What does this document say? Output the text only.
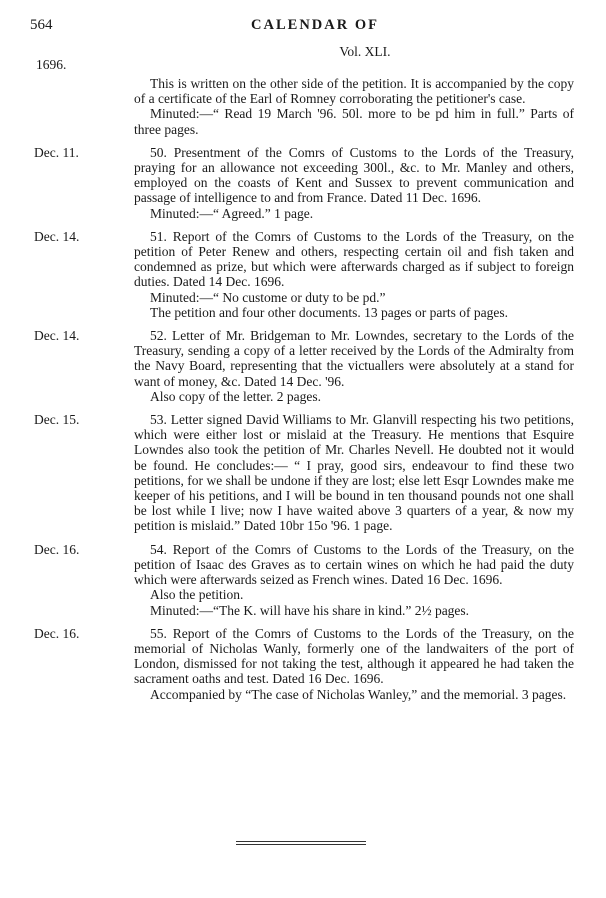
564	CALENDAR OF
Vol. XLI.
1696.

This is written on the other side of the petition. It is accompanied by the copy of a certificate of the Earl of Romney corroborating the petitioner's case.

Minuted:—“ Read 19 March '96. 50l. more to be pd him in full.” Parts of three pages.

Dec. 11.	50. Presentment of the Comrs of Customs to the Lords of the Treasury, praying for an allowance not exceeding 300l., &c. to Mr. Manley and others, employed on the coasts of Kent and Sussex to prevent communication and passage of intelligence to and from France. Dated 11 Dec. 1696.

Minuted:—“ Agreed.” 1 page.

Dec. 14.	51. Report of the Comrs of Customs to the Lords of the Treasury, on the petition of Peter Renew and others, respecting certain oil and fish taken and condemned as prize, but which were afterwards charged as if subject to foreign duties. Dated 14 Dec. 1696.

Minuted:—“ No custome or duty to be pd.”

The petition and four other documents. 13 pages or parts of pages.

Dec. 14.	52. Letter of Mr. Bridgeman to Mr. Lowndes, secretary to the Lords of the Treasury, sending a copy of a letter received by the Lords of the Admiralty from the Navy Board, representing that the victuallers were absolutely at a stand for want of money, &c. Dated 14 Dec. '96.

Also copy of the letter. 2 pages.

Dec. 15.	53. Letter signed David Williams to Mr. Glanvill respecting his two petitions, which were either lost or mislaid at the Treasury. He mentions that Esquire Lowndes also took the petition of Mr. Charles Nevell. He doubted not it would be found. He concludes:— “ I pray, good sirs, endeavour to find these two petitions, for we shall be undone if they are lost; else lett Esqr Lowndes make me keeper of his petitions, and I will be bound in ten thousand pounds not one shall be lost while I live; now I have waited above 3 quarters of a year, & now my petition is mislaid.” Dated 10br 15o '96. 1 page.

Dec. 16.	54. Report of the Comrs of Customs to the Lords of the Treasury, on the petition of Isaac des Graves as to certain wines on which he had paid the duty which were afterwards seized as French wines. Dated 16 Dec. 1696.

Also the petition.

Minuted:—“The K. will have his share in kind.” 2½ pages.

Dec. 16.	55. Report of the Comrs of Customs to the Lords of the Treasury, on the memorial of Nicholas Wanly, formerly one of the landwaiters of the port of London, dismissed for not taking the test, although it appeared he had taken the sacrament oaths and test. Dated 16 Dec. 1696.

Accompanied by “The case of Nicholas Wanley,” and the memorial. 3 pages.
